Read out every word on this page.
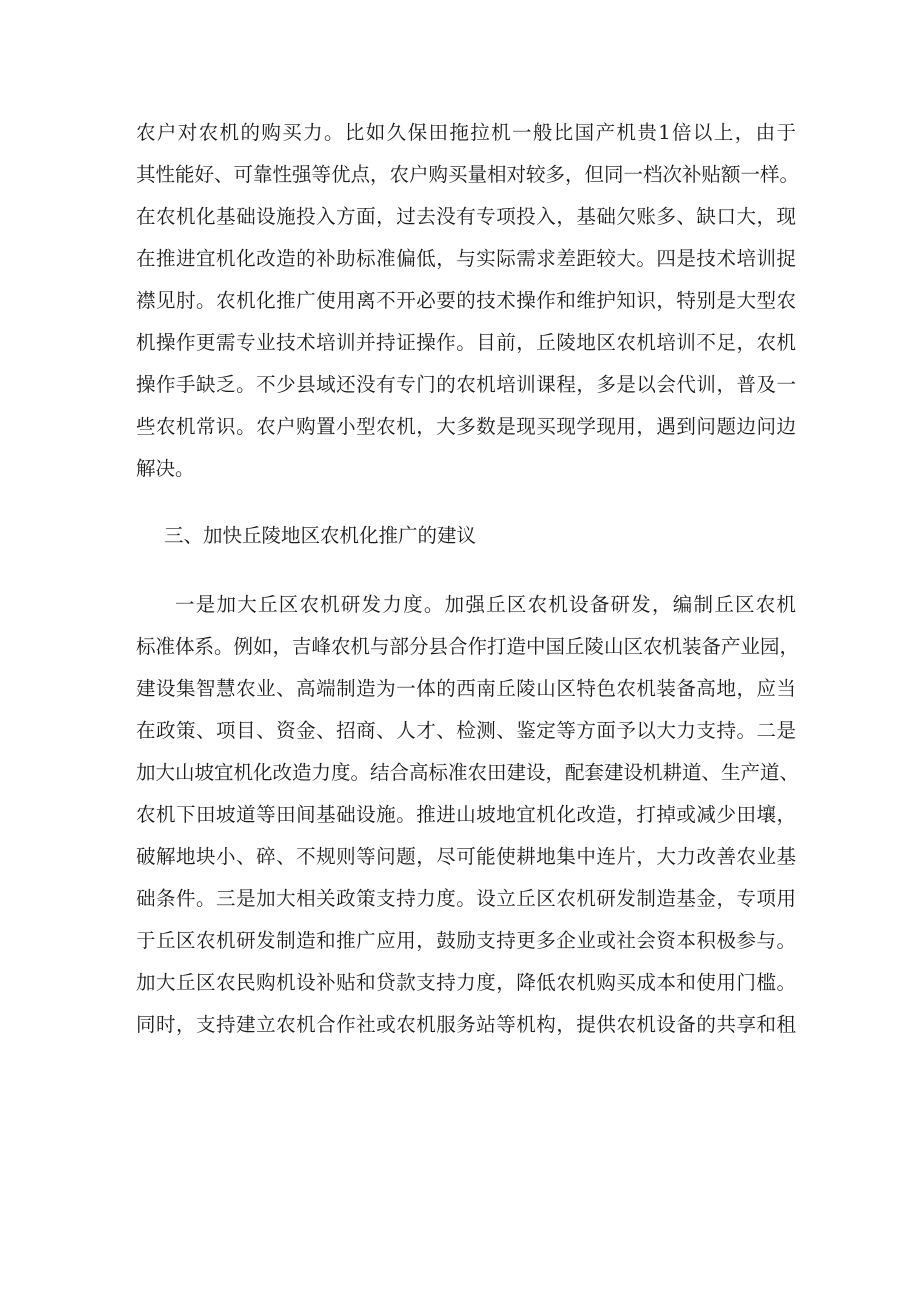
农户对农机的购买力。比如久保田拖拉机一般比国产机贵1倍以上，由于
其性能好、可靠性强等优点，农户购买量相对较多，但同一档次补贴额一样。
在农机化基础设施投入方面，过去没有专项投入，基础欠账多、缺口大，现
在推进宜机化改造的补助标准偏低，与实际需求差距较大。四是技术培训捉
襟见肘。农机化推广使用离不开必要的技术操作和维护知识，特别是大型农
机操作更需专业技术培训并持证操作。目前，丘陵地区农机培训不足，农机
操作手缺乏。不少县域还没有专门的农机培训课程，多是以会代训，普及一
些农机常识。农户购置小型农机，大多数是现买现学现用，遇到问题边问边
解决。
三、加快丘陵地区农机化推广的建议
一是加大丘区农机研发力度。加强丘区农机设备研发，编制丘区农机
标准体系。例如，吉峰农机与部分县合作打造中国丘陵山区农机装备产业园，
建设集智慧农业、高端制造为一体的西南丘陵山区特色农机装备高地，应当
在政策、项目、资金、招商、人才、检测、鉴定等方面予以大力支持。二是
加大山坡宜机化改造力度。结合高标准农田建设，配套建设机耕道、生产道、
农机下田坡道等田间基础设施。推进山坡地宜机化改造，打掉或减少田壤，
破解地块小、碎、不规则等问题，尽可能使耕地集中连片，大力改善农业基
础条件。三是加大相关政策支持力度。设立丘区农机研发制造基金，专项用
于丘区农机研发制造和推广应用，鼓励支持更多企业或社会资本积极参与。
加大丘区农民购机设补贴和贷款支持力度，降低农机购买成本和使用门槛。
同时，支持建立农机合作社或农机服务站等机构，提供农机设备的共享和租
